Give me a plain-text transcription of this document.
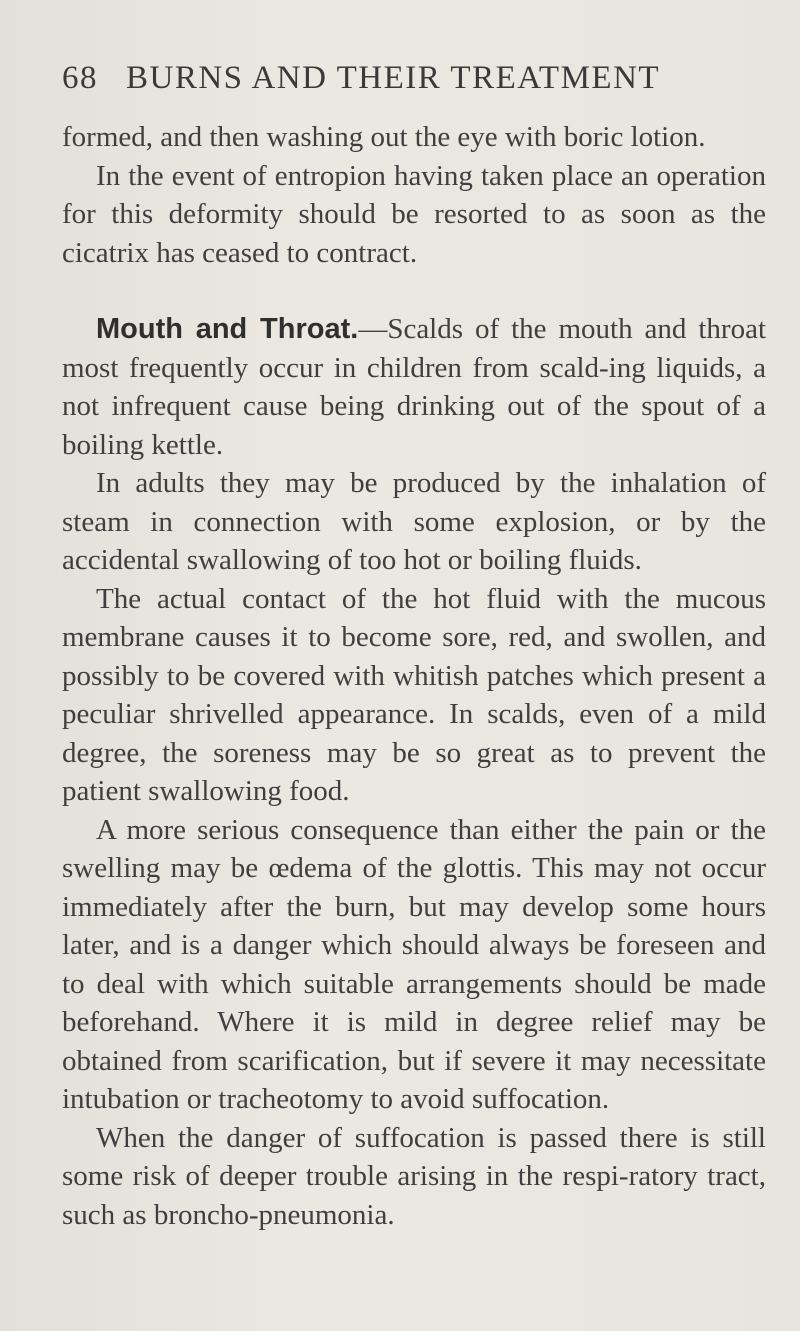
68 BURNS AND THEIR TREATMENT

formed, and then washing out the eye with boric lotion.

In the event of entropion having taken place an operation for this deformity should be resorted to as soon as the cicatrix has ceased to contract.

Mouth and Throat.—Scalds of the mouth and throat most frequently occur in children from scald-ing liquids, a not infrequent cause being drinking out of the spout of a boiling kettle.

In adults they may be produced by the inhalation of steam in connection with some explosion, or by the accidental swallowing of too hot or boiling fluids.

The actual contact of the hot fluid with the mucous membrane causes it to become sore, red, and swollen, and possibly to be covered with whitish patches which present a peculiar shrivelled appearance. In scalds, even of a mild degree, the soreness may be so great as to prevent the patient swallowing food.

A more serious consequence than either the pain or the swelling may be œdema of the glottis. This may not occur immediately after the burn, but may develop some hours later, and is a danger which should always be foreseen and to deal with which suitable arrangements should be made beforehand. Where it is mild in degree relief may be obtained from scarification, but if severe it may necessitate intubation or tracheotomy to avoid suffocation.

When the danger of suffocation is passed there is still some risk of deeper trouble arising in the respi-ratory tract, such as broncho-pneumonia.
